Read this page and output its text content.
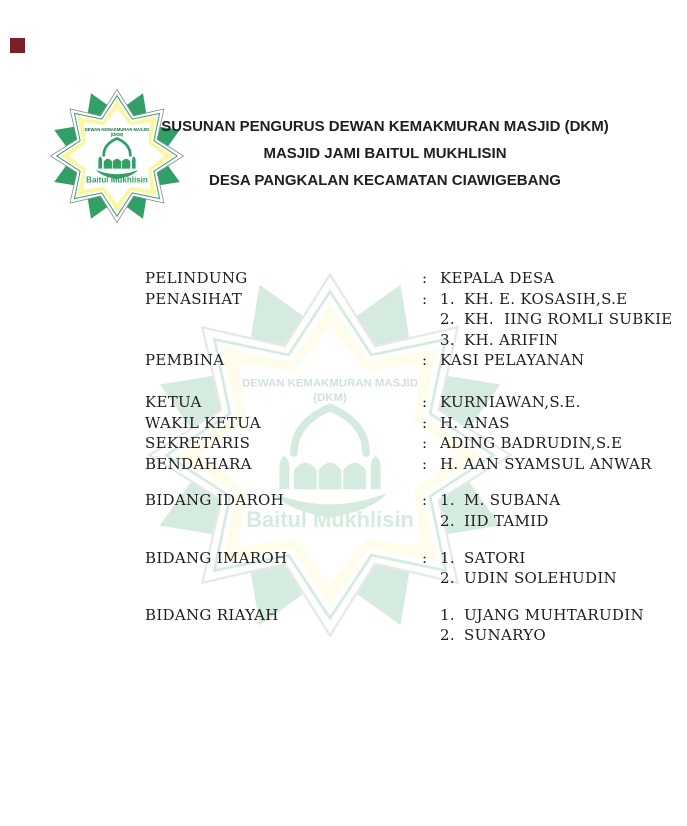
DEWAN KEMAKMURAN MASJID
(DKM)
Baitul Mukhlisin
SUSUNAN PENGURUS DEWAN KEMAKMURAN MASJID (DKM)
MASJID JAMI BAITUL MUKHLISIN
DESA PANGKALAN KECAMATAN CIAWIGEBANG
DEWAN KEMAKMURAN MASJID
(DKM)
Baitul Mukhlisin
PELINDUNG	: KEPALA DESA
PENASIHAT	: 1. KH. E. KOSASIH,S.E
2. KH.  IING ROMLI SUBKIE
3. KH. ARIFIN
PEMBINA	: KASI PELAYANAN
KETUA	: KURNIAWAN,S.E.
WAKIL KETUA	: H. ANAS
SEKRETARIS	: ADING BADRUDIN,S.E
BENDAHARA	: H. AAN SYAMSUL ANWAR
BIDANG IDAROH	: 1. M. SUBANA
2. IID TAMID
BIDANG IMAROH	: 1. SATORI
2. UDIN SOLEHUDIN
BIDANG RIAYAH	1. UJANG MUHTARUDIN
2. SUNARYO
